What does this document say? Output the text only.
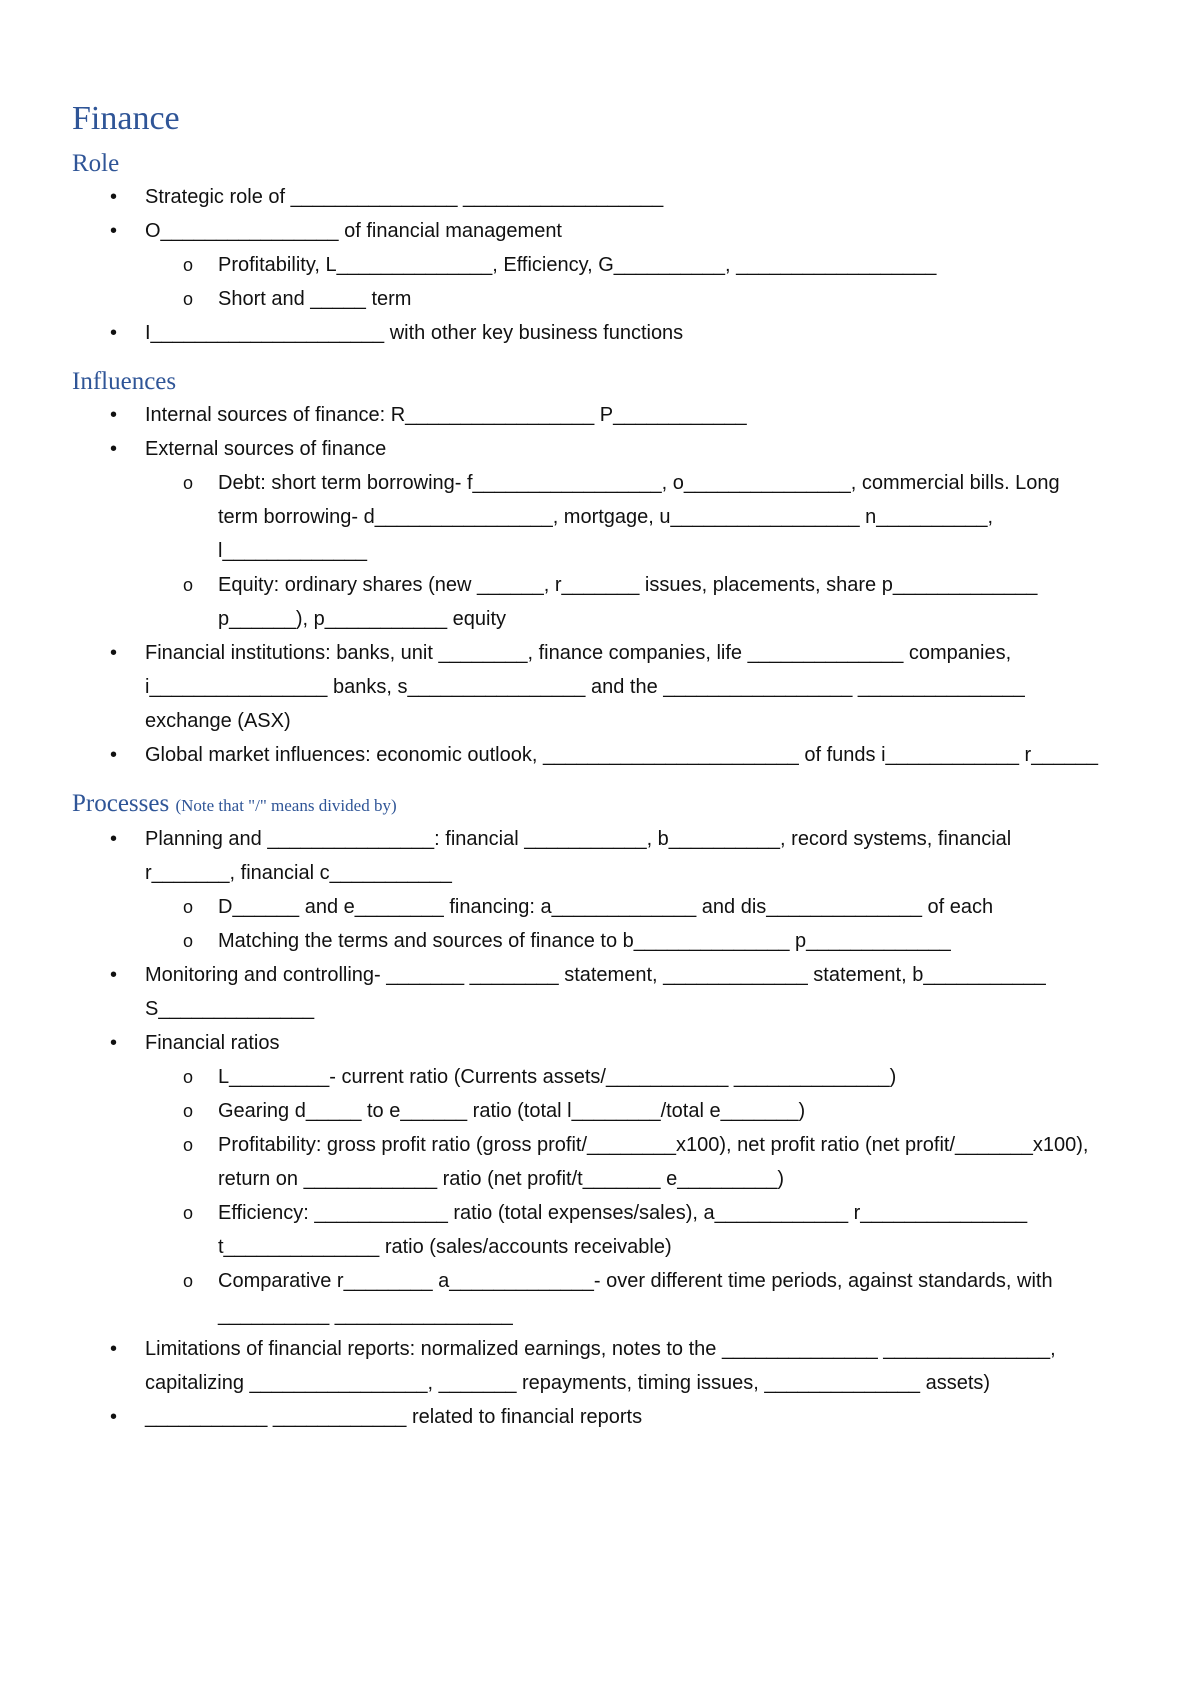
Finance
Role
• Strategic role of _______________ __________________
• O________________ of financial management
o Profitability, L______________, Efficiency, G__________, __________________
o Short and _____ term
• I_____________________ with other key business functions
Influences
• Internal sources of finance: R_________________ P____________
• External sources of finance
o Debt: short term borrowing- f_________________, o_______________, commercial bills. Long term borrowing- d________________, mortgage, u_________________ n__________, l_____________
o Equity: ordinary shares (new ______, r_______ issues, placements, share p_____________ p______), p___________ equity
• Financial institutions: banks, unit ________, finance companies, life ______________ companies, i________________ banks, s________________ and the _________________ _______________ exchange (ASX)
• Global market influences: economic outlook, _______________________ of funds i____________ r______
Processes (Note that "/" means divided by)
• Planning and _______________: financial ___________, b__________, record systems, financial r_______, financial c___________
o D______ and e________ financing: a_____________ and dis______________ of each
o Matching the terms and sources of finance to b______________ p_____________
• Monitoring and controlling- _______ ________ statement, _____________ statement, b___________ S______________
• Financial ratios
o L_________- current ratio (Currents assets/___________ ______________)
o Gearing d_____ to e______ ratio (total l________/total e_______)
o Profitability: gross profit ratio (gross profit/________x100), net profit ratio (net profit/_______x100), return on ____________ ratio (net profit/t_______ e_________)
o Efficiency: ____________ ratio (total expenses/sales), a____________ r_______________ t______________ ratio (sales/accounts receivable)
o Comparative r________ a_____________- over different time periods, against standards, with __________ ________________
• Limitations of financial reports: normalized earnings, notes to the ______________ _______________, capitalizing ________________, _______ repayments, timing issues, ______________ assets)
• ___________ ____________ related to financial reports
